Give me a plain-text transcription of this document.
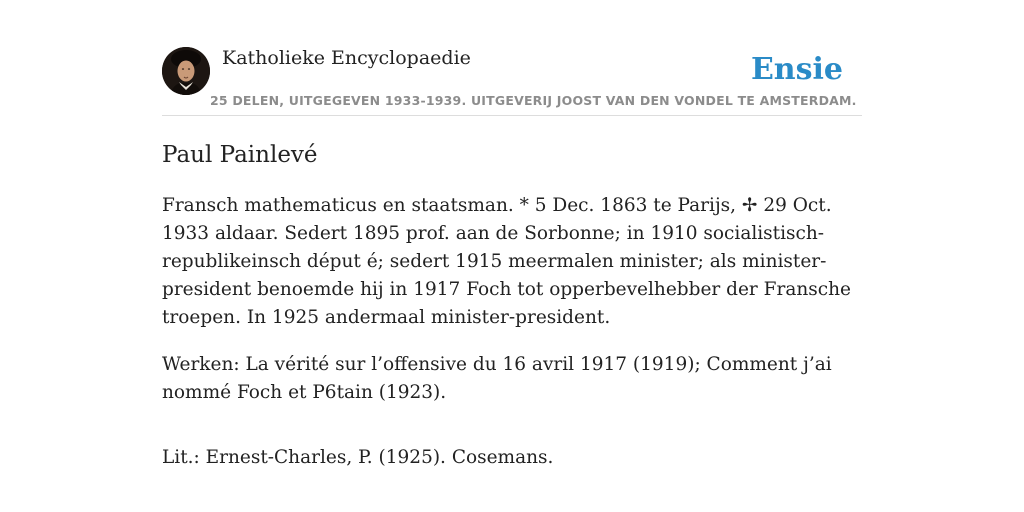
Katholieke Encyclopaedie	Ensie
25 DELEN, UITGEGEVEN 1933-1939. UITGEVERIJ JOOST VAN DEN VONDEL TE AMSTERDAM.
Paul Painlevé

Fransch mathematicus en staatsman. * 5 Dec. 1863 te Parijs, ✢ 29 Oct. 1933 aldaar. Sedert 1895 prof. aan de Sorbonne; in 1910 socialistisch-republikeinsch déput é; sedert 1915 meermalen minister; als minister-president benoemde hij in 1917 Foch tot opperbevelhebber der Fransche troepen. In 1925 andermaal minister-president.

Werken: La vérité sur l’offensive du 16 avril 1917 (1919); Comment j’ai nommé Foch et P6tain (1923).

Lit.: Ernest-Charles, P. (1925). Cosemans.
